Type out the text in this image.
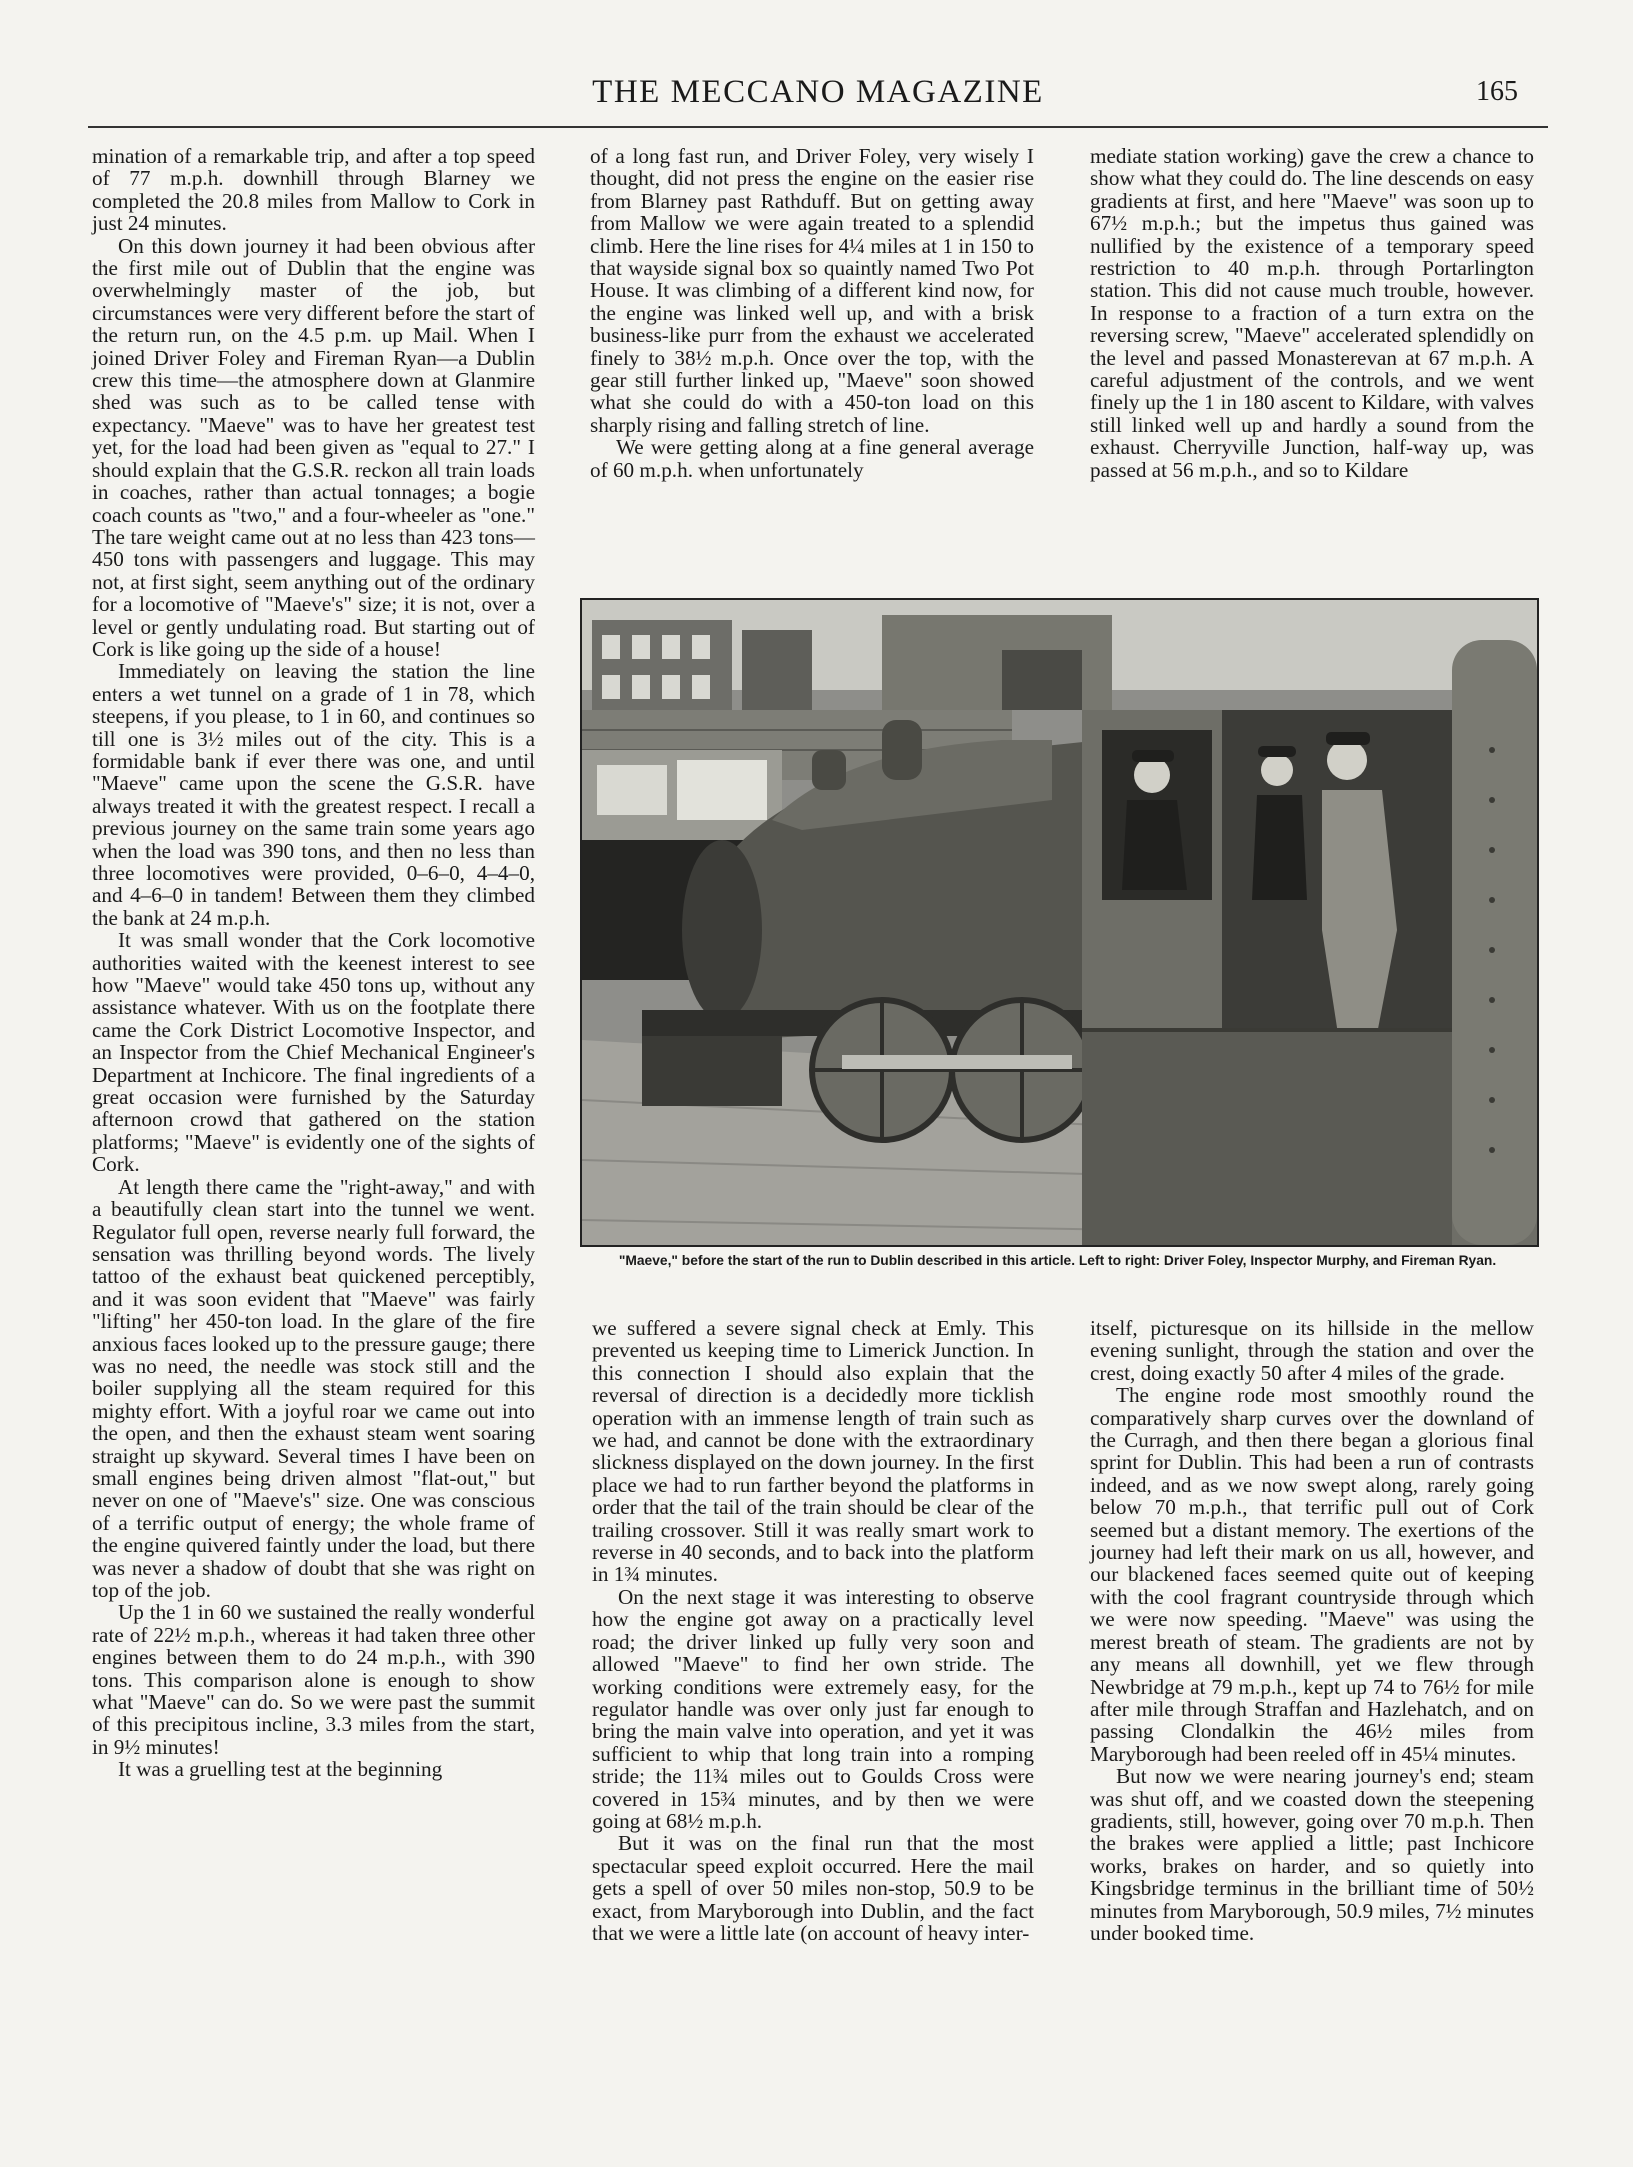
THE MECCANO MAGAZINE	165

mination of a remarkable trip, and after a top speed of 77 m.p.h. downhill through Blarney we completed the 20.8 miles from Mallow to Cork in just 24 minutes.

On this down journey it had been obvious after the first mile out of Dublin that the engine was overwhelmingly master of the job, but circumstances were very different before the start of the return run, on the 4.5 p.m. up Mail. When I joined Driver Foley and Fireman Ryan—a Dublin crew this time—the atmosphere down at Glanmire shed was such as to be called tense with expectancy. "Maeve" was to have her greatest test yet, for the load had been given as "equal to 27." I should explain that the G.S.R. reckon all train loads in coaches, rather than actual tonnages; a bogie coach counts as "two," and a four-wheeler as "one." The tare weight came out at no less than 423 tons—450 tons with passengers and luggage. This may not, at first sight, seem anything out of the ordinary for a locomotive of "Maeve's" size; it is not, over a level or gently undulating road. But starting out of Cork is like going up the side of a house!

Immediately on leaving the station the line enters a wet tunnel on a grade of 1 in 78, which steepens, if you please, to 1 in 60, and continues so till one is 3½ miles out of the city. This is a formidable bank if ever there was one, and until "Maeve" came upon the scene the G.S.R. have always treated it with the greatest respect. I recall a previous journey on the same train some years ago when the load was 390 tons, and then no less than three locomotives were provided, 0–6–0, 4–4–0, and 4–6–0 in tandem! Between them they climbed the bank at 24 m.p.h.

It was small wonder that the Cork locomotive authorities waited with the keenest interest to see how "Maeve" would take 450 tons up, without any assistance whatever. With us on the footplate there came the Cork District Locomotive Inspector, and an Inspector from the Chief Mechanical Engineer's Department at Inchicore. The final ingredients of a great occasion were furnished by the Saturday afternoon crowd that gathered on the station platforms; "Maeve" is evidently one of the sights of Cork.

At length there came the "right-away," and with a beautifully clean start into the tunnel we went. Regulator full open, reverse nearly full forward, the sensation was thrilling beyond words. The lively tattoo of the exhaust beat quickened perceptibly, and it was soon evident that "Maeve" was fairly "lifting" her 450-ton load. In the glare of the fire anxious faces looked up to the pressure gauge; there was no need, the needle was stock still and the boiler supplying all the steam required for this mighty effort. With a joyful roar we came out into the open, and then the exhaust steam went soaring straight up skyward. Several times I have been on small engines being driven almost "flat-out," but never on one of "Maeve's" size. One was conscious of a terrific output of energy; the whole frame of the engine quivered faintly under the load, but there was never a shadow of doubt that she was right on top of the job.

Up the 1 in 60 we sustained the really wonderful rate of 22½ m.p.h., whereas it had taken three other engines between them to do 24 m.p.h., with 390 tons. This comparison alone is enough to show what "Maeve" can do. So we were past the summit of this precipitous incline, 3.3 miles from the start, in 9½ minutes!

It was a gruelling test at the beginning

of a long fast run, and Driver Foley, very wisely I thought, did not press the engine on the easier rise from Blarney past Rathduff. But on getting away from Mallow we were again treated to a splendid climb. Here the line rises for 4¼ miles at 1 in 150 to that wayside signal box so quaintly named Two Pot House. It was climbing of a different kind now, for the engine was linked well up, and with a brisk business-like purr from the exhaust we accelerated finely to 38½ m.p.h. Once over the top, with the gear still further linked up, "Maeve" soon showed what she could do with a 450-ton load on this sharply rising and falling stretch of line.

We were getting along at a fine general average of 60 m.p.h. when unfortunately

mediate station working) gave the crew a chance to show what they could do. The line descends on easy gradients at first, and here "Maeve" was soon up to 67½ m.p.h.; but the impetus thus gained was nullified by the existence of a temporary speed restriction to 40 m.p.h. through Portarlington station. This did not cause much trouble, however. In response to a fraction of a turn extra on the reversing screw, "Maeve" accelerated splendidly on the level and passed Monasterevan at 67 m.p.h. A careful adjustment of the controls, and we went finely up the 1 in 180 ascent to Kildare, with valves still linked well up and hardly a sound from the exhaust. Cherryville Junction, half-way up, was passed at 56 m.p.h., and so to Kildare

"Maeve," before the start of the run to Dublin described in this article. Left to right: Driver Foley, Inspector Murphy, and Fireman Ryan.

we suffered a severe signal check at Emly. This prevented us keeping time to Limerick Junction. In this connection I should also explain that the reversal of direction is a decidedly more ticklish operation with an immense length of train such as we had, and cannot be done with the extraordinary slickness displayed on the down journey. In the first place we had to run farther beyond the platforms in order that the tail of the train should be clear of the trailing crossover. Still it was really smart work to reverse in 40 seconds, and to back into the platform in 1¾ minutes.

On the next stage it was interesting to observe how the engine got away on a practically level road; the driver linked up fully very soon and allowed "Maeve" to find her own stride. The working conditions were extremely easy, for the regulator handle was over only just far enough to bring the main valve into operation, and yet it was sufficient to whip that long train into a romping stride; the 11¾ miles out to Goulds Cross were covered in 15¾ minutes, and by then we were going at 68½ m.p.h.

But it was on the final run that the most spectacular speed exploit occurred. Here the mail gets a spell of over 50 miles non-stop, 50.9 to be exact, from Maryborough into Dublin, and the fact that we were a little late (on account of heavy inter-

itself, picturesque on its hillside in the mellow evening sunlight, through the station and over the crest, doing exactly 50 after 4 miles of the grade.

The engine rode most smoothly round the comparatively sharp curves over the downland of the Curragh, and then there began a glorious final sprint for Dublin. This had been a run of contrasts indeed, and as we now swept along, rarely going below 70 m.p.h., that terrific pull out of Cork seemed but a distant memory. The exertions of the journey had left their mark on us all, however, and our blackened faces seemed quite out of keeping with the cool fragrant countryside through which we were now speeding. "Maeve" was using the merest breath of steam. The gradients are not by any means all downhill, yet we flew through Newbridge at 79 m.p.h., kept up 74 to 76½ for mile after mile through Straffan and Hazlehatch, and on passing Clondalkin the 46½ miles from Maryborough had been reeled off in 45¼ minutes.

But now we were nearing journey's end; steam was shut off, and we coasted down the steepening gradients, still, however, going over 70 m.p.h. Then the brakes were applied a little; past Inchicore works, brakes on harder, and so quietly into Kingsbridge terminus in the brilliant time of 50½ minutes from Maryborough, 50.9 miles, 7½ minutes under booked time.
